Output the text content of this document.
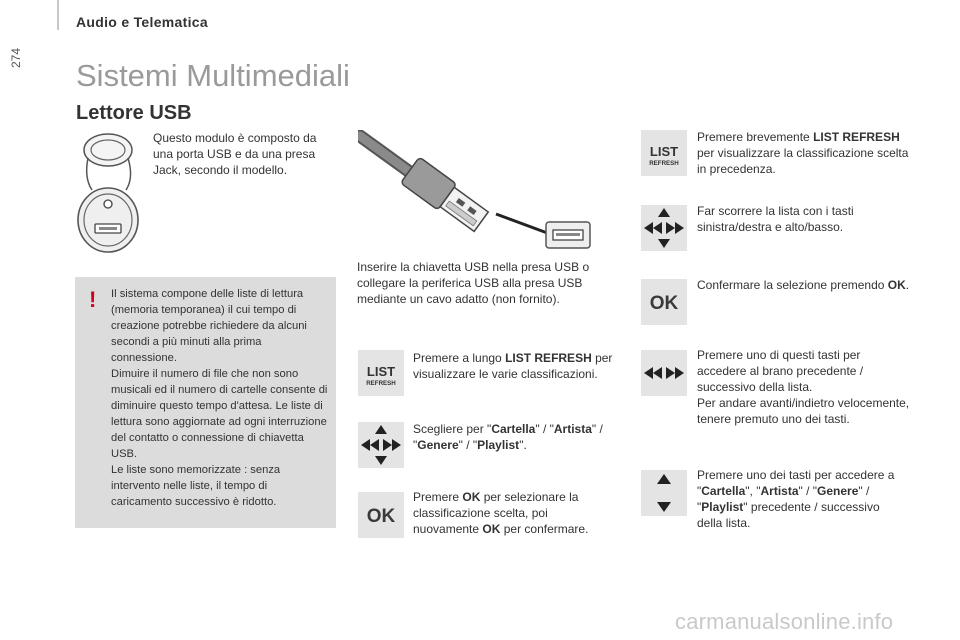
Audio e Telematica
274
Sistemi Multimediali
Lettore USB
Questo modulo è composto da una porta USB e da una presa Jack, secondo il modello.
! Il sistema compone delle liste di lettura (memoria temporanea) il cui tempo di creazione potrebbe richiedere da alcuni secondi a più minuti alla prima connessione.
Dimuire il numero di file che non sono musicali ed il numero di cartelle consente di diminuire questo tempo d'attesa. Le liste di lettura sono aggiornate ad ogni interruzione del contatto o connessione di chiavetta USB.
Le liste sono memorizzate : senza intervento nelle liste, il tempo di caricamento successivo è ridotto.
Inserire la chiavetta USB nella presa USB o collegare la periferica USB alla presa USB mediante un cavo adatto (non fornito).
LIST
REFRESH
Premere a lungo LIST REFRESH per visualizzare le varie classificazioni.
Scegliere per "Cartella" / "Artista" / "Genere" / "Playlist".
OK
Premere OK per selezionare la classificazione scelta, poi nuovamente OK per confermare.
LIST
REFRESH
Premere brevemente LIST REFRESH per visualizzare la classificazione scelta in precedenza.
Far scorrere la lista con i tasti sinistra/destra e alto/basso.
OK
Confermare la selezione premendo OK.
Premere uno di questi tasti per accedere al brano precedente / successivo della lista.
Per andare avanti/indietro velocemente, tenere premuto uno dei tasti.
Premere uno dei tasti per accedere a "Cartella", "Artista" / "Genere" / "Playlist" precedente / successivo della lista.
carmanualsonline.info
